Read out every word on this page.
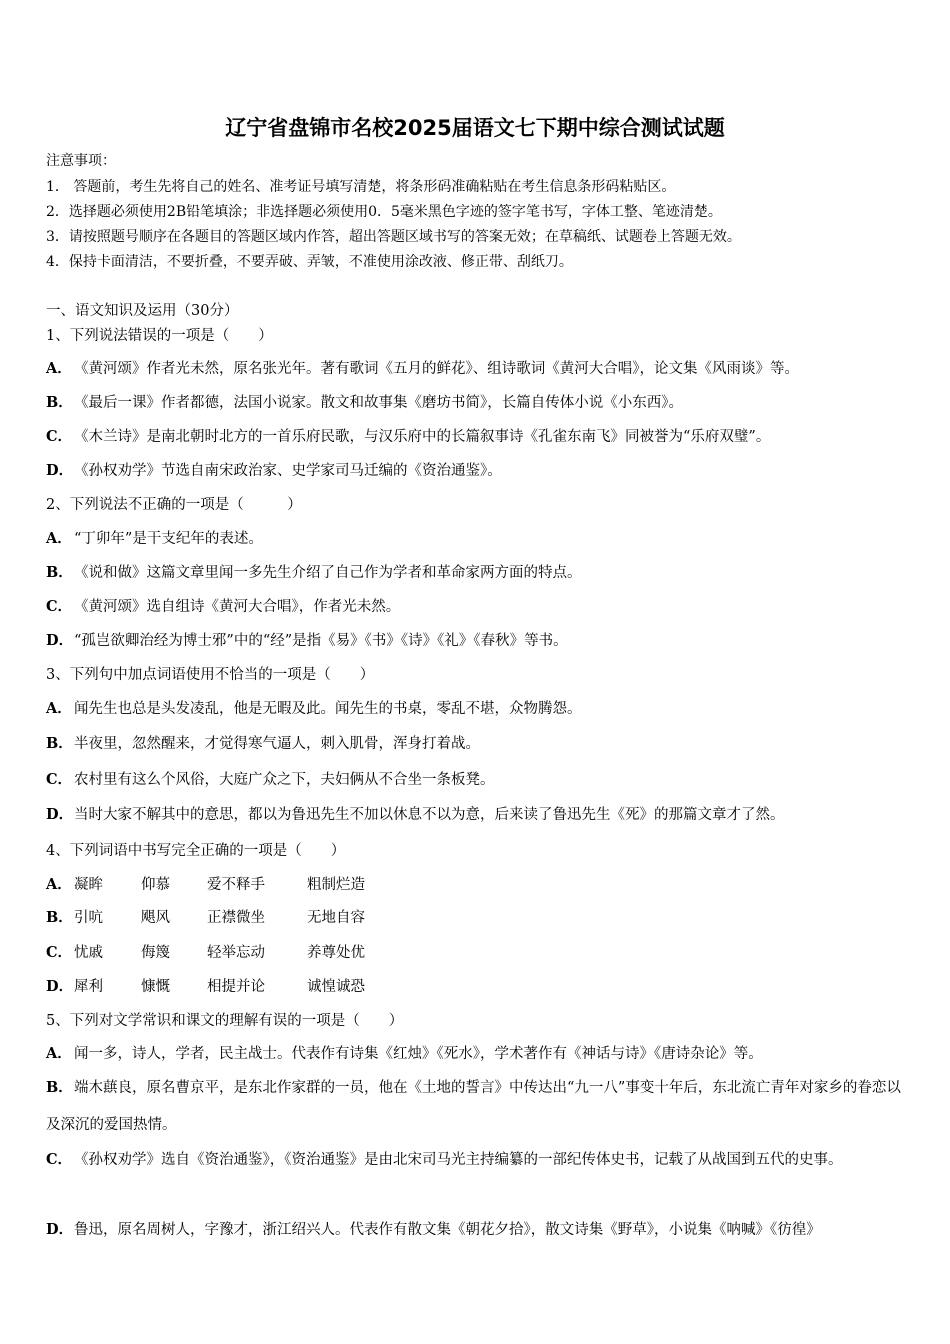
辽宁省盘锦市名校2025届语文七下期中综合测试试题
注意事项：
1． 答题前，考生先将自己的姓名、准考证号填写清楚，将条形码准确粘贴在考生信息条形码粘贴区。
2．选择题必须使用2B铅笔填涂；非选择题必须使用0．5毫米黑色字迹的签字笔书写，字体工整、笔迹清楚。
3．请按照题号顺序在各题目的答题区域内作答，超出答题区域书写的答案无效；在草稿纸、试题卷上答题无效。
4．保持卡面清洁，不要折叠，不要弄破、弄皱，不准使用涂改液、修正带、刮纸刀。
一、语文知识及运用（30分）
1、下列说法错误的一项是（　　）
A． 《黄河颂》作者光未然，原名张光年。著有歌词《五月的鲜花》、组诗歌词《黄河大合唱》，论文集《风雨谈》等。
B．《最后一课》作者都德，法国小说家。散文和故事集《磨坊书简》，长篇自传体小说《小东西》。
C． 《木兰诗》是南北朝时北方的一首乐府民歌，与汉乐府中的长篇叙事诗《孔雀东南飞》同被誉为“乐府双璧”。
D．《孙权劝学》节选自南宋政治家、史学家司马迁编的《资治通鉴》。
2、下列说法不正确的一项是（　　　）
A． “丁卯年”是干支纪年的表述。
B．《说和做》这篇文章里闻一多先生介绍了自己作为学者和革命家两方面的特点。
C． 《黄河颂》选自组诗《黄河大合唱》，作者光未然。
D．“孤岂欲卿治经为博士邪”中的“经”是指《易》《书》《诗》《礼》《春秋》等书。
3、下列句中加点词语使用不恰当的一项是（　　）
A． 闻先生也总是头发凌乱，他是无暇及此。闻先生的书桌，零乱不堪，众物腾怨。
B．半夜里，忽然醒来，才觉得寒气逼人，刺入肌骨，浑身打着战。
C． 农村里有这么个风俗，大庭广众之下，夫妇俩从不合坐一条板凳。
D．当时大家不解其中的意思，都以为鲁迅先生不加以休息不以为意，后来读了鲁迅先生《死》的那篇文章才了然。
4、下列词语中书写完全正确的一项是（　　）
A． 凝眸	仰慕	爱不释手	粗制烂造
B．引吭	飓风	正襟微坐	无地自容
C． 忧戚	侮篾	轻举忘动	养尊处优
D．犀利	慷慨	相提并论	诚惶诚恐
5、下列对文学常识和课文的理解有误的一项是（　　）
A． 闻一多，诗人，学者，民主战士。代表作有诗集《红烛》《死水》，学术著作有《神话与诗》《唐诗杂论》等。
B．端木蕻良，原名曹京平，是东北作家群的一员，他在《土地的誓言》中传达出“九一八”事变十年后，东北流亡青年对家乡的眷恋以及深沉的爱国热情。
C． 《孙权劝学》选自《资治通鉴》，《资治通鉴》是由北宋司马光主持编纂的一部纪传体史书，记载了从战国到五代的史事。
D．鲁迅，原名周树人，字豫才，浙江绍兴人。代表作有散文集《朝花夕拾》，散文诗集《野草》，小说集《呐喊》《彷徨》
